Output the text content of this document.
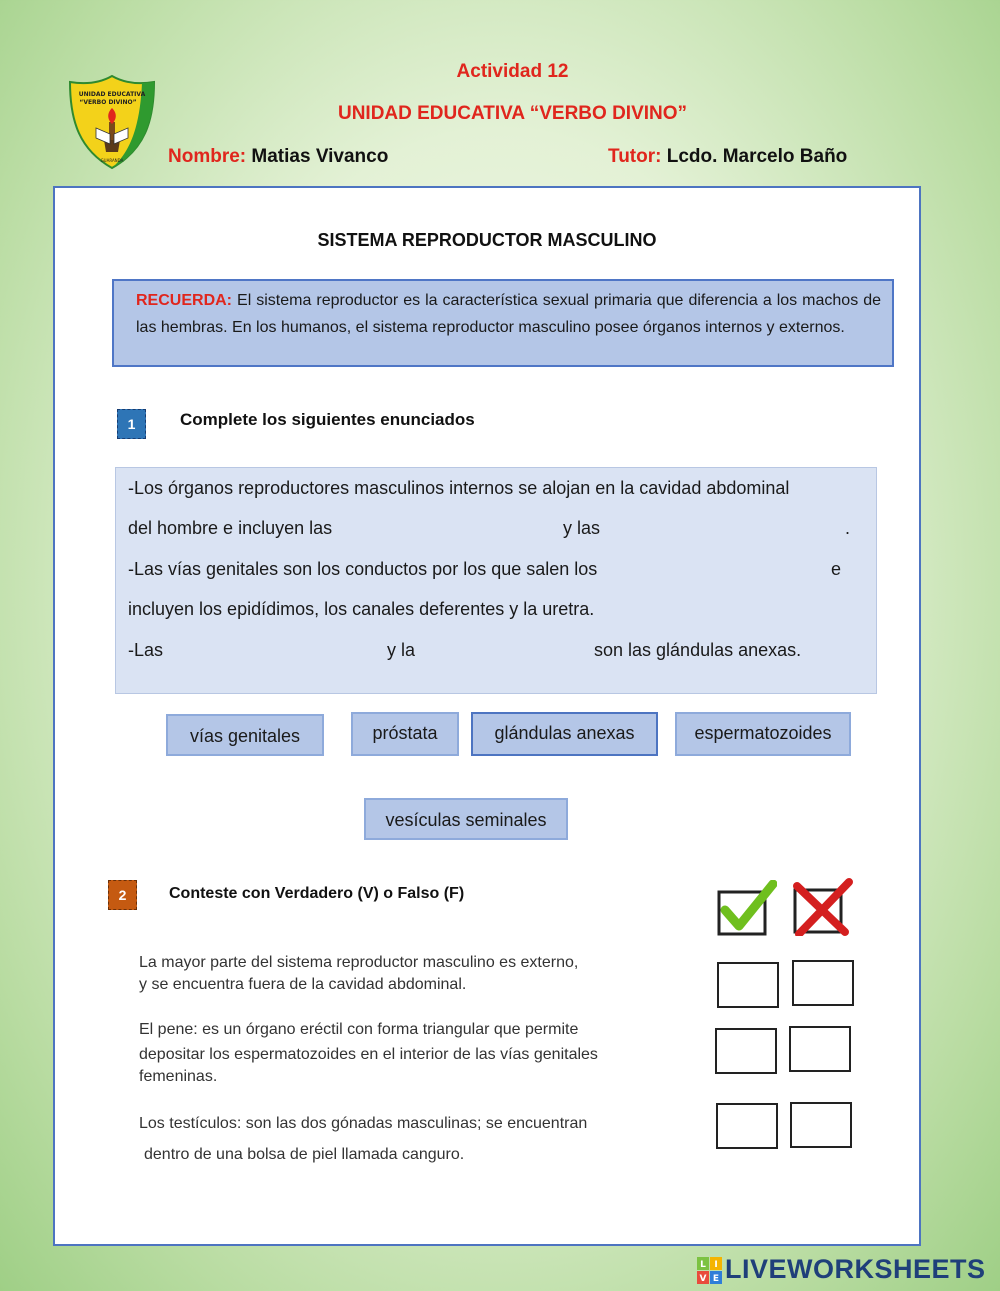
UNIDAD EDUCATIVA
“VERBO DIVINO”
GUARANDA
Actividad 12
UNIDAD EDUCATIVA “VERBO DIVINO”
Nombre: Matias Vivanco	Tutor: Lcdo. Marcelo Baño
SISTEMA REPRODUCTOR MASCULINO
RECUERDA: El sistema reproductor es la característica sexual primaria que diferencia a los machos de las hembras. En los humanos, el sistema reproductor masculino posee órganos internos y externos.
1	Complete los siguientes enunciados
-Los órganos reproductores masculinos internos se alojan en la cavidad abdominal
del hombre e incluyen las	y las	.
-Las vías genitales son los conductos por los que salen los	e
incluyen los epidídimos, los canales deferentes y la uretra.
-Las	y la	son las glándulas anexas.
vías genitales	próstata	glándulas anexas	espermatozoides
vesículas seminales
2	Conteste con Verdadero (V) o Falso (F)
La mayor parte del sistema reproductor masculino es externo,
y se encuentra fuera de la cavidad abdominal.
El pene: es un órgano eréctil con forma triangular que permite
depositar los espermatozoides en el interior de las vías genitales
femeninas.
Los testículos: son las dos gónadas masculinas; se encuentran
dentro de una bolsa de piel llamada canguro.
L I
V E LIVEWORKSHEETS
